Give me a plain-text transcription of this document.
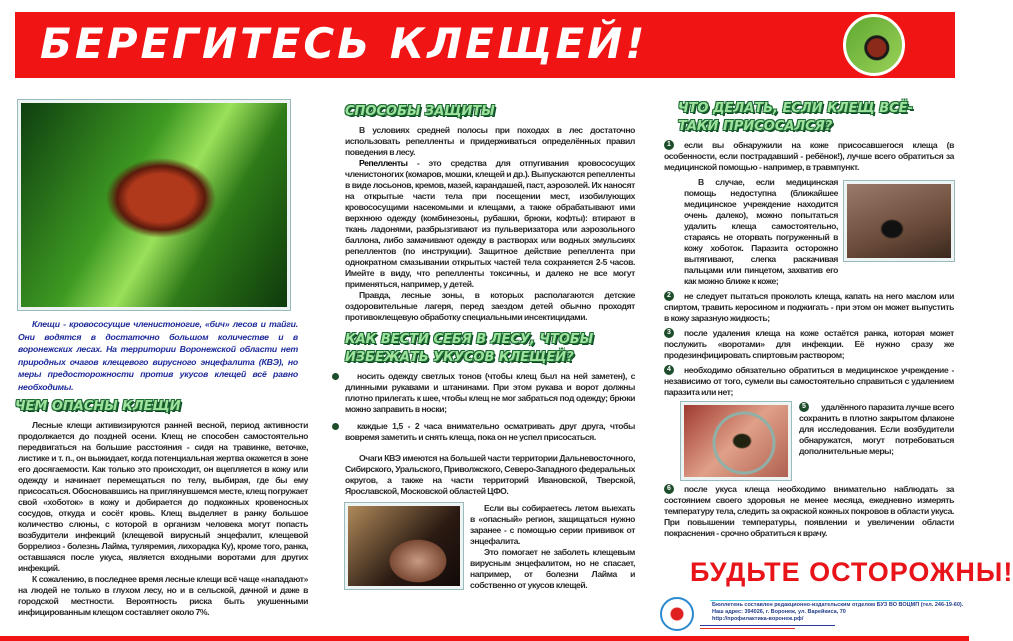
БЕРЕГИТЕСЬ КЛЕЩЕЙ!
Клещи - кровососущие членистоногие, «бич» лесов и тайги. Они водятся в достаточно большом количестве и в воронежских лесах. На территории Воронежской области нет природных очагов клещевого вирусного энцефалита (КВЭ), но меры предосторожности против укусов клещей всё равно необходимы.
ЧЕМ ОПАСНЫ КЛЕЩИ
Лесные клещи активизируются ранней весной, период активности продолжается до поздней осени. Клещ не способен самостоятельно передвигаться на большие расстояния - сидя на травинке, веточке, листике и т. п., он выжидает, когда потенциальная жертва окажется в зоне его досягаемости. Как только это происходит, он вцепляется в кожу или одежду и начинает перемещаться по телу, выбирая, где бы ему присосаться. Обосновавшись на приглянувшемся месте, клещ погружает свой «хоботок» в кожу и добирается до подкожных кровеносных сосудов, откуда и сосёт кровь. Клещ выделяет в ранку большое количество слюны, с которой в организм человека могут попасть возбудители инфекций (клещевой вирусный энцефалит, клещевой боррелиоз - болезнь Лайма, туляремия, лихорадка Ку), кроме того, ранка, оставшаяся после укуса, является входными воротами для других инфекций.
К сожалению, в последнее время лесные клещи всё чаще «нападают» на людей не только в глухом лесу, но и в сельской, дачной и даже в городской местности. Вероятность риска быть укушенными инфицированным клещом составляет около 7%.
СПОСОБЫ ЗАЩИТЫ
В условиях средней полосы при походах в лес достаточно использовать репелленты и придерживаться определённых правил поведения в лесу.
Репелленты - это средства для отпугивания кровососущих членистоногих (комаров, мошки, клещей и др.). Выпускаются репелленты в виде лосьонов, кремов, мазей, карандашей, паст, аэрозолей. Их наносят на открытые части тела при посещении мест, изобилующих кровососущими насекомыми и клещами, а также обрабатывают ими верхнюю одежду (комбинезоны, рубашки, брюки, кофты): втирают в ткань ладонями, разбрызгивают из пульверизатора или аэрозольного баллона, либо замачивают одежду в растворах или водных эмульсиях репеллентов (по инструкции). Защитное действие репеллента при однократном смазывании открытых частей тела сохраняется 2-5 часов. Имейте в виду, что репелленты токсичны, и далеко не все могут применяться, например, у детей.
Правда, лесные зоны, в которых располагаются детские оздоровительные лагеря, перед заездом детей обычно проходят противоклещевую обработку специальными инсектицидами.
КАК ВЕСТИ СЕБЯ В ЛЕСУ, ЧТОБЫ ИЗБЕЖАТЬ УКУСОВ КЛЕЩЕЙ?
носить одежду светлых тонов (чтобы клещ был на ней заметен), с длинными рукавами и штанинами. При этом рукава и ворот должны плотно прилегать к шее, чтобы клещ не мог забраться под одежду; брюки можно заправить в носки;
каждые 1,5 - 2 часа внимательно осматривать друг друга, чтобы вовремя заметить и снять клеща, пока он не успел присосаться.
Очаги КВЭ имеются на большей части территории Дальневосточного, Сибирского, Уральского, Приволжского, Северо-Западного федеральных округов, а также на части территорий Ивановской, Тверской, Ярославской, Московской областей ЦФО.
Если вы собираетесь летом выехать в «опасный» регион, защищаться нужно заранее - с помощью серии прививок от энцефалита.
Это помогает не заболеть клещевым вирусным энцефалитом, но не спасает, например, от болезни Лайма и собственно от укусов клещей.
ЧТО ДЕЛАТЬ, ЕСЛИ КЛЕЩ ВСЁ-ТАКИ ПРИСОСАЛСЯ?
1	если вы обнаружили на коже присосавшегося клеща (в особенности, если пострадавший - ребёнок!), лучше всего обратиться за медицинской помощью - например, в травмпункт.
В случае, если медицинская помощь недоступна (ближайшее медицинское учреждение находится очень далеко), можно попытаться удалить клеща самостоятельно, стараясь не оторвать погруженный в кожу хоботок. Паразита осторожно вытягивают, слегка раскачивая пальцами или пинцетом, захватив его как можно ближе к коже;
2	не следует пытаться проколоть клеща, капать на него маслом или спиртом, травить керосином и поджигать - при этом он может выпустить в кожу заразную жидкость;
3	после удаления клеща на коже остаётся ранка, которая может послужить «воротами» для инфекции. Её нужно сразу же продезинфицировать спиртовым раствором;
4	необходимо обязательно обратиться в медицинское учреждение - независимо от того, сумели вы самостоятельно справиться с удалением паразита или нет;
5	удалённого паразита лучше всего сохранить в плотно закрытом флаконе для исследования. Если возбудители обнаружатся, могут потребоваться дополнительные меры;
6	после укуса клеща необходимо внимательно наблюдать за состоянием своего здоровья не менее месяца, ежедневно измерять температуру тела, следить за окраской кожных покровов в области укуса. При повышении температуры, появлении и увеличении области покраснения - срочно обратиться к врачу.
БУДЬТЕ ОСТОРОЖНЫ!
Бюллетень составлен редакционно-издательским отделом БУЗ ВО ВОЦМП (тел. 246-19-60).
Наш адрес: 394026, г. Воронеж, ул. Варейкиса, 70
http://профилактика-воронеж.рф/
